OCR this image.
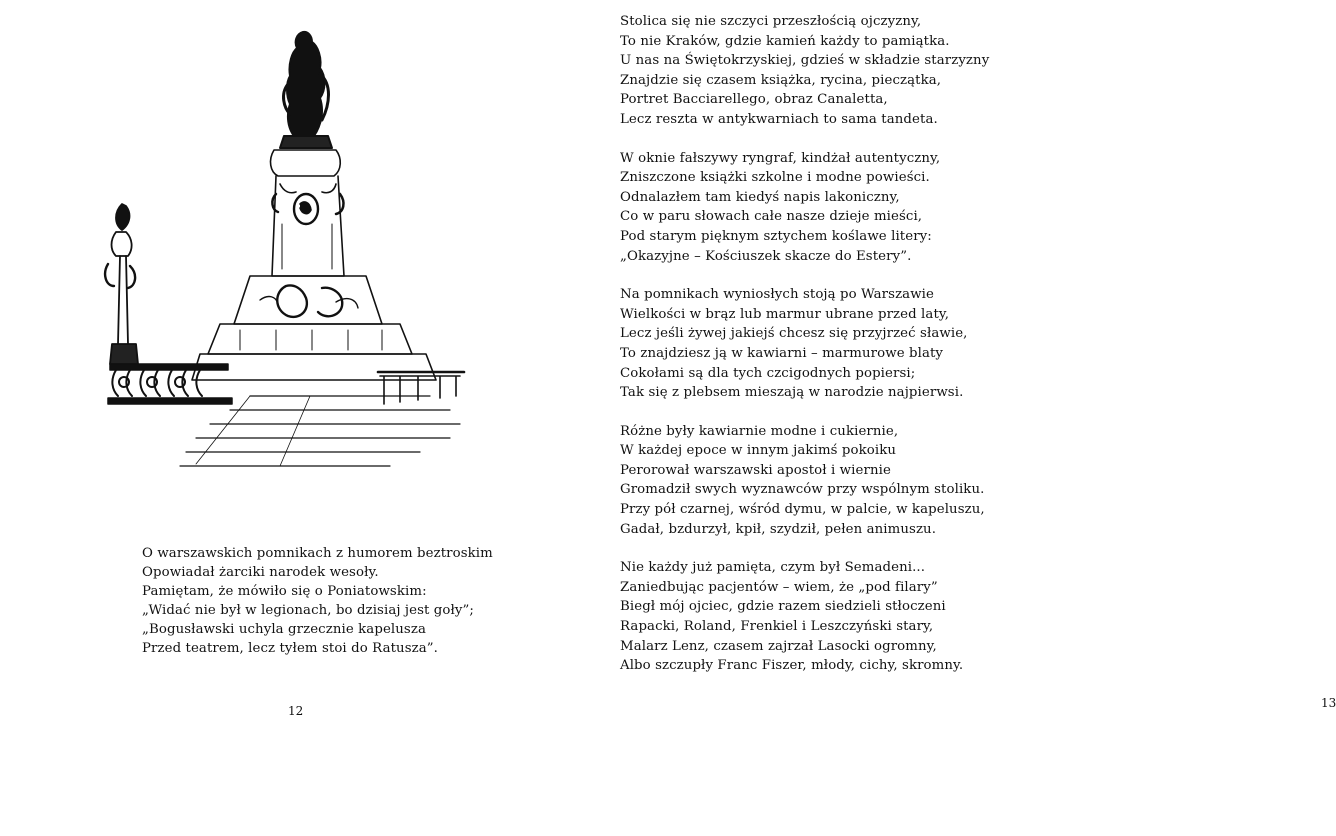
O warszawskich pomnikach z humorem beztroskim
Opowiadał żarciki narodek wesoły.
Pamiętam, że mówiło się o Poniatowskim:
„Widać nie był w legionach, bo dzisiaj jest goły”;
„Bogusławski uchyla grzecznie kapelusza
Przed teatrem, lecz tyłem stoi do Ratusza”.
12
Stolica się nie szczyci przeszłością ojczyzny,
To nie Kraków, gdzie kamień każdy to pamiątka.
U nas na Świętokrzyskiej, gdzieś w składzie starzyzny
Znajdzie się czasem książka, rycina, pieczątka,
Portret Bacciarellego, obraz Canaletta,
Lecz reszta w antykwarniach to sama tandeta.
W oknie fałszywy ryngraf, kindżał autentyczny,
Zniszczone książki szkolne i modne powieści.
Odnalazłem tam kiedyś napis lakoniczny,
Co w paru słowach całe nasze dzieje mieści,
Pod starym pięknym sztychem koślawe litery:
„Okazyjne – Kościuszek skacze do Estery”.
Na pomnikach wyniosłych stoją po Warszawie
Wielkości w brąz lub marmur ubrane przed laty,
Lecz jeśli żywej jakiejś chcesz się przyjrzeć sławie,
To znajdziesz ją w kawiarni – marmurowe blaty
Cokołami są dla tych czcigodnych popiersi;
Tak się z plebsem mieszają w narodzie najpierwsi.
Różne były kawiarnie modne i cukiernie,
W każdej epoce w innym jakimś pokoiku
Perorował warszawski apostoł i wiernie
Gromadził swych wyznawców przy wspólnym stoliku.
Przy pół czarnej, wśród dymu, w palcie, w kapeluszu,
Gadał, bzdurzył, kpił, szydził, pełen animuszu.
Nie każdy już pamięta, czym był Semadeni...
Zaniedbując pacjentów – wiem, że „pod filary”
Biegł mój ojciec, gdzie razem siedzieli stłoczeni
Rapacki, Roland, Frenkiel i Leszczyński stary,
Malarz Lenz, czasem zajrzał Lasocki ogromny,
Albo szczupły Franc Fiszer, młody, cichy, skromny.
13
